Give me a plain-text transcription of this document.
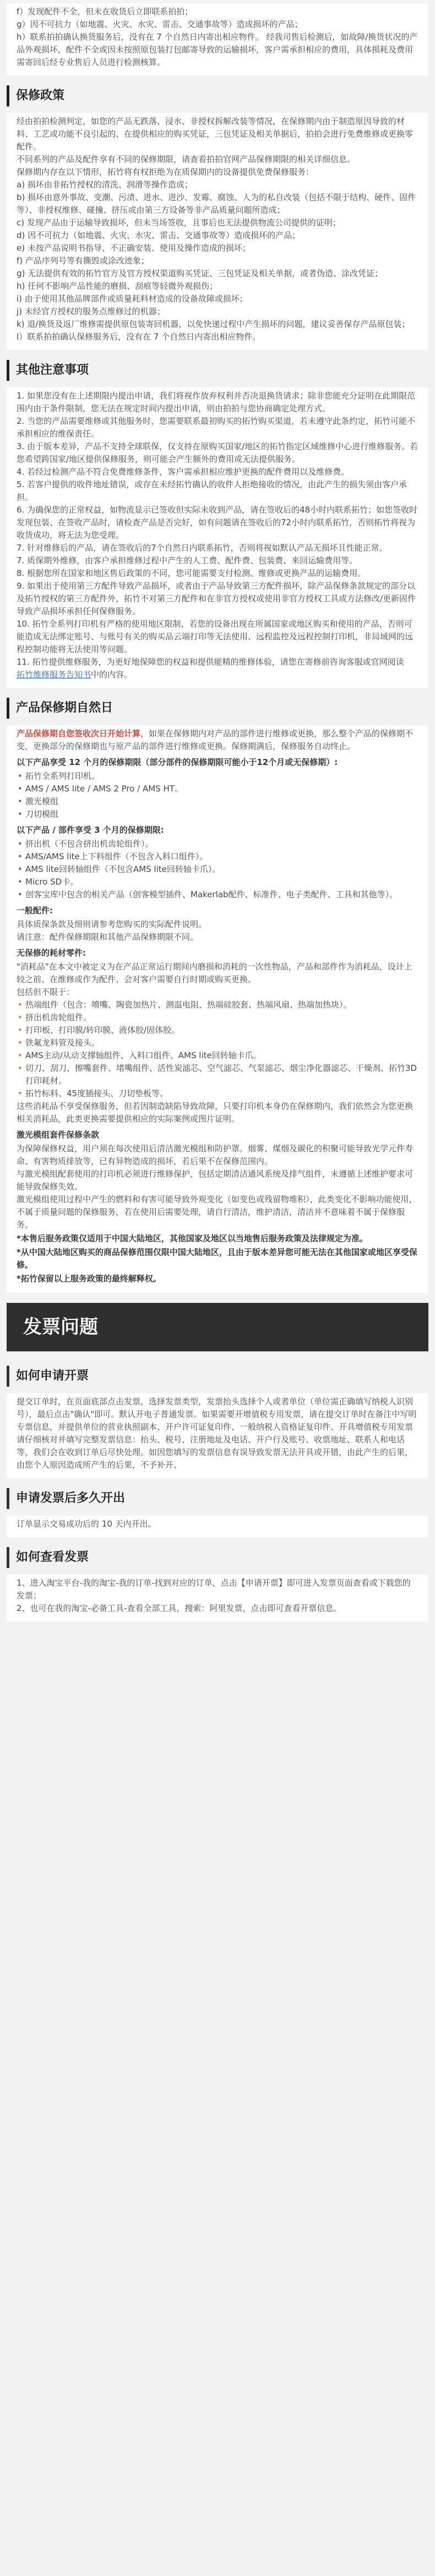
f）发现配件不全，但未在收货后立即联系拍拍；

g）因不可抗力（如地震、火灾、水灾、雷击、交通事故等）造成损坏的产品；

h）联系拍拍确认换货服务后，没有在 7 个自然日内寄出相应物件。 经我司售后检测后，如故障/换货状况的产品外观损坏，配件不全或因未按照原包装打包邮寄导致的运输损坏，客户需承担相应的费用，具体损耗及费用需寄回后经专业售后人员进行检测核算。

保修政策

经由拍拍检测判定，如您的产品无跌落、浸水、非授权拆解改装等情况，在保修期内由于制造原因导致的材料、工艺或功能不良引起的、在提供相应的购买凭证，三包凭证及相关单据后，拍拍会进行免费维修或更换零配件。

不同系列的产品及配件享有不同的保修期限，请查看拍拍官网产品保修期限的相关详细信息。

保修期内存在以下情形，拓竹将有权拒绝为在质保期内的设备提供免费保修服务：

a) 损坏由非拓竹授权的清洗、润滑等操作造成；

b) 损坏由意外事故、变潮、污渍、进水、进沙、发霉、腐蚀、人为的私自改装（包括不限于结构、硬件、固件等）、非授权维修、碰撞、挤压或由第三方设备等非产品质量问题所造成；

c) 发现产品由于运输导致损坏，但未当场签收，且事后也无法提供物流公司提供的证明；

d) 因不可抗力（如地震、火灾、水灾、雷击、交通事故等）造成损坏的产品；

e) 未按产品说明书指导、不正确安装、使用及操作造成的损坏；

f) 产品序列号等有撕毁或涂改迹象；

g) 无法提供有效的拓竹官方及官方授权渠道购买凭证、三包凭证及相关单据，或者伪造、涂改凭证；

h) 任何不影响产品性能的磨损、刮痕等轻微外观损伤；

i) 由于使用其他品牌部件或质量耗料材造成的设备故障或损坏；

j) 未经官方授权的服务点维修过的机器；

k) 退/换货及返厂维修需提供原包装寄回机器，以免快递过程中产生损坏的问题，建议妥善保存产品原包装；

l）联系拍拍确认保修服务后，没有在 7 个自然日内寄出相应物件。

其他注意事项

1. 如果您没有在上述期限内提出申请，我们将视作放弃权利并否决退换货请求；除非您能充分证明在此期限范围内由于条件限制，您无法在规定时间内提出申请，则由拍拍与您协商确定处理方式。

2. 当您的产品需要维修或其他服务时，您需要联系最初购买的拓竹购买渠道，若未遵守此条约定，拓竹可能不承担相应的维保责任。

3. 由于版本差异，产品不支持全球联保，仅支持在原购买国家/地区的拓竹指定区域维修中心进行维修服务。若您希望跨国家/地区提供保修服务，则可能会产生额外的费用或无法提供服务。

4. 若经过检测产品不符合免费维修条件，客户需承担相应维护更换的配件费用以及维修费。

5. 若客户提供的收件地址错误，或存在未经拓竹确认的收件人拒绝接收的情况，由此产生的损失须由客户承担。

6. 为确保您的正常权益，如物流显示已签收但实际未收到产品，请在签收后的48小时内联系拓竹；如您签收时发现包装、在签收产品时，请检查产品是否完好，如有问题请在签收后的72小时内联系拓竹，否则拓竹将视为收货成功，将无法为您受理。

7. 针对维修后的产品，请在签收后的7个自然日内联系拓竹，否则将视如默认产品无损坏且性能正常。

7. 质保期外维修，由客户承担维修过程中产生的人工费、配件费、包装费、来回运输费用等。

8. 根据您所在国家和地区售后政策的不同，您可能需要支付检测、维修或更换产品的运输费用。

9. 如果出于使用第三方配件导致产品损坏，或者由于产品导致第三方配件损坏，除产品保修条款规定的部分以及拓竹授权的第三方配件外，拓竹不对第三方配件和在非官方授权或使用非官方授权工具或方法修改/更新固件导致产品损坏承担任何保修服务。

10. 拓竹全系列打印机有严格的使用地区限制，若您的设备出现在所属国家或地区购买和使用的产品，否则可能造成无法绑定账号、与账号有关的购买品云端打印等无法使用、远程监控及远程控制打印机，非局域网的远程控制功能将无法使用等问题。

11. 拓竹提供维修服务，为更好地保障您的权益和提供能精的维修体验，请您在寄修前咨询客服或官网阅读

拓竹维修服务告知书中的内容。

产品保修期自然日

产品保修期自您签收次日开始计算，如果在保修期内对产品的部件进行维修或更换，那么整个产品的保修期不变，更换部分的保修期也与原产品的部件进行维修或更换。保修期满后，保修服务自动终止。

以下产品享受 12 个月的保修期限（部分部件的保修期限可能小于12个月或无保修期）:

• 拓竹全系列打印机。

• AMS / AMS lite / AMS 2 Pro / AMS HT。

• 激光模组

• 刀切模组

以下产品 / 部件享受 3 个月的保修期限:

• 挤出机（不包含挤出机齿轮组件）。

• AMS/AMS lite上下料组件（不包含入料口组件）。

• AMS lite回转轴组件（不包含AMS lite回转轴卡爪）。

• Micro SD卡。

• 创客宝库中包含的相关产品（创客模型插件、Makerlab配件、标准件、电子类配件、工具和其他等）。

一般配件:

具体质保条款及细则请参考您购买的实际配件说明。

请注意：配件保修期限和其他产品保修期限不同。

无保修的耗材零件:

"消耗品"在本文中被定义为在产品正常运行期间内磨损和消耗的一次性物品，产品和部件作为消耗品，设计上较之前、在维修或作为配件、会对客户需要自行时期或购买更换。

包括但不限于：

• 热端组件（包含：喷嘴、陶瓷加热片、测温电阻、热端硅胶套、热端风扇、热端加热块）。

• 挤出机齿轮组件。

• 打印板、打印膜/转印膜、液体胶/固体胶。

• 铁氟龙料管及接头。

• AMS主动/从动支撑轴组件、入料口组件、AMS lite回转轴卡爪。

• 切刀、刮刀、擦嘴套件、堵嘴组件、活性炭滤芯、空气滤芯、气泵滤芯、烟尘净化器滤芯、干燥剂、拓竹3D打印耗材。

• 拓竹标料、45度插接头、刀切垫板等。

这些消耗品不享受保修服务，但若因制造缺陷导致故障，只要打印机本身仍在保修期内，我们依然会为您更换相关消耗品，此类更换需要提供相应的实际案例或图片证明。

激光模组套件保修条款

为保障保修权益，用户须在每次使用后清洁激光模组和防护罩。烟雾、煤烟及碳化的积聚可能导致光学元件寿命、有害物质排放等，已有异物造成的损坏，若后果不在保修范围内。

与激光模组配套使用的打印机必须进行维修保护，包括定期清洁通风系统及排气组件，未遵循上述维护要求可能导致保修失效。

激光模组使用过程中产生的燃料和有害可能导致外观变化（如变色或残留物堆积），此类变化不影响功能使用，不属于质量问题的保修服务，若在使用后需要处理，请自行清洁，维护清洁，清洁并不意味着不属于保修服务。

*本售后服务政策仅适用于中国大陆地区，其他国家及地区以当地售后服务政策及法律规定为准。

*从中国大陆地区购买的商品保修范围仅限中国大陆地区，且由于版本差异您可能无法在其他国家或地区享受保修。

*拓竹保留以上服务政策的最终解释权。

发票问题
如何申请开票

提交订单时，在页面底部点击发票，选择发票类型，发票抬头选择个人或者单位（单位需正确填写纳税人识别号），最后点击"确认"即可。默认开电子普通发票。如果需要开增值税专用发票，请在提交订单时在备注中写明专票信息，并提供单位的营业执照副本、开户许可证复印件、一般纳税人资格证复印件、开具增值税专用发票请仔细核对并填写完整发票信息：抬头、税号、注册地址及电话、开户行及账号、收票地址、联系人和电话等，我们会在收到订单后尽快处理。如因您填写的发票信息有误导致发票无法开具或开错，由此产生的后果，由您个人原因造成所产生的后果，不予补开。

申请发票后多久开出

订单显示交易成功后的 10 天内开出。

如何查看发票

1、进入淘宝平台-我的淘宝-我的订单-找到对应的订单，点击【申请开票】即可进入发票页面查看或下载您的发票；

2、也可在我的淘宝-必备工具-查看全部工具，搜索：阿里发票，点击即可查看开票信息。
